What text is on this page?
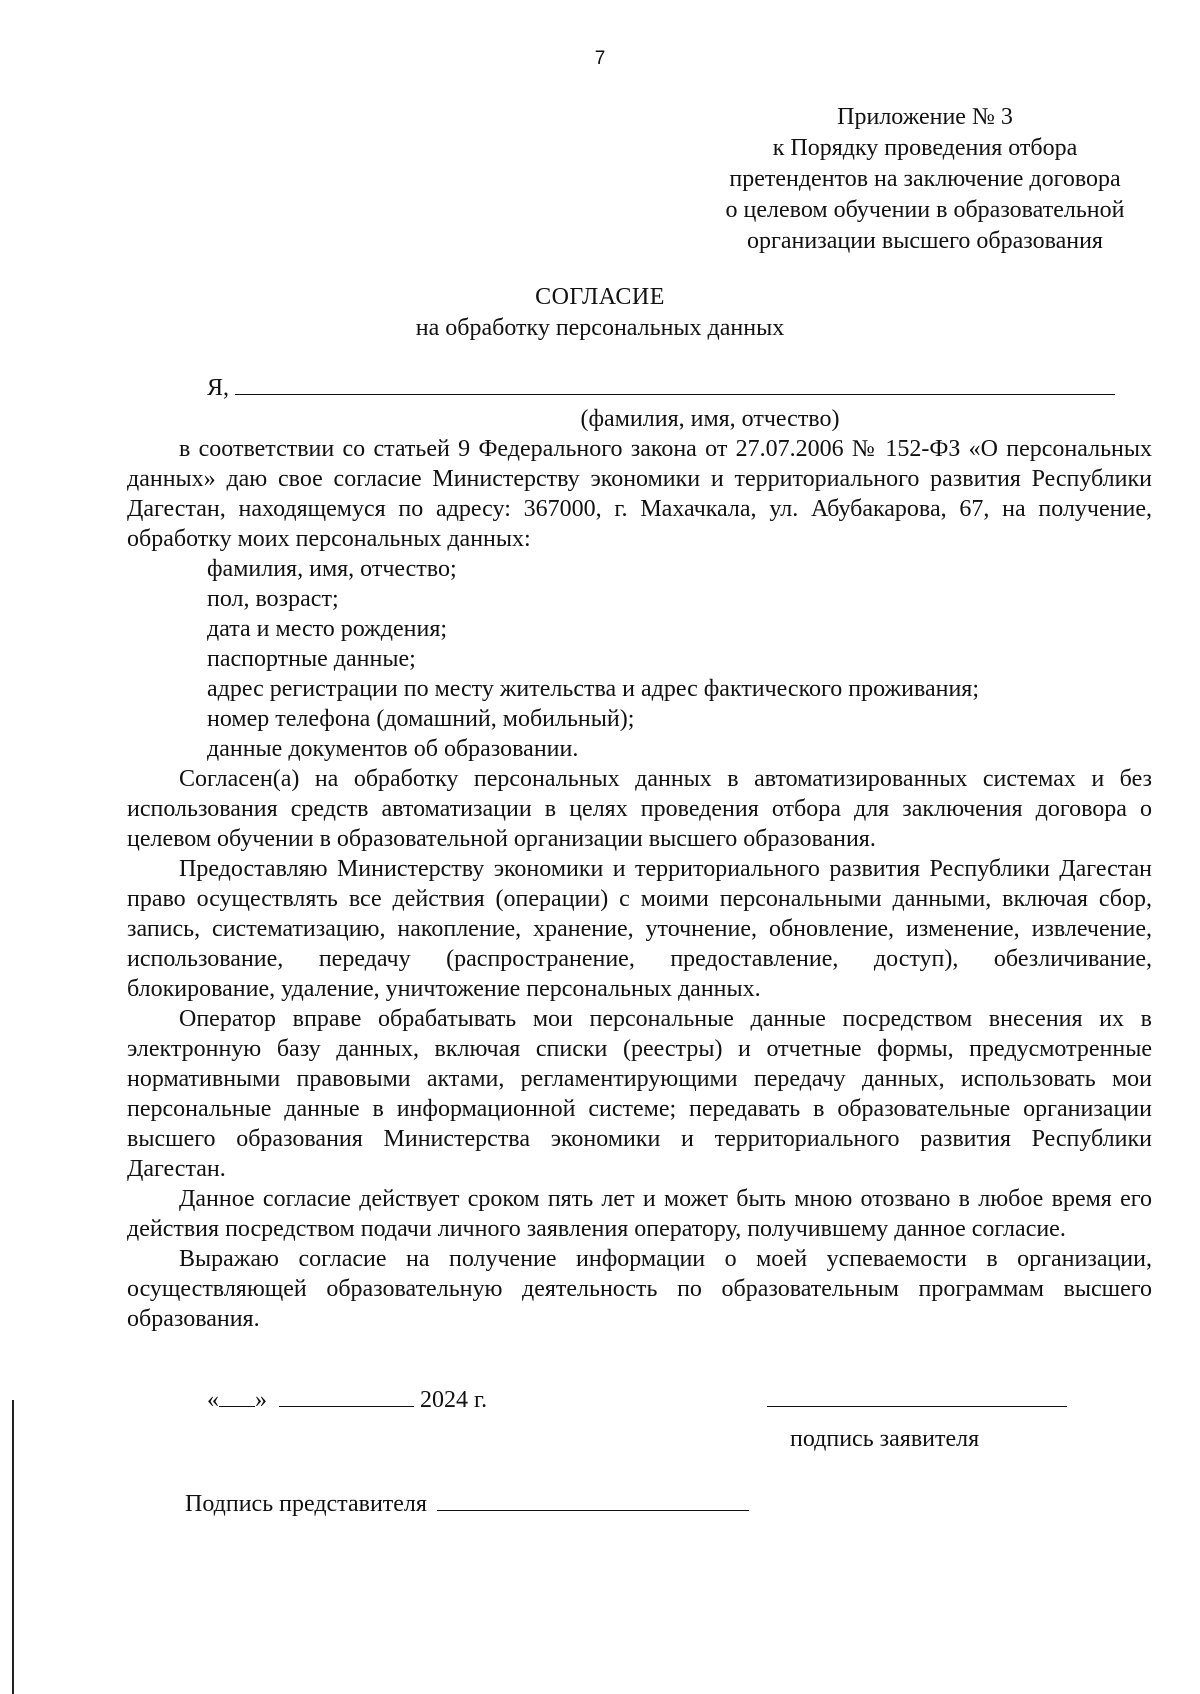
7
Приложение № 3
к Порядку проведения отбора
претендентов на заключение договора
о целевом обучении в образовательной
организации высшего образования
СОГЛАСИЕ
на обработку персональных данных
Я,
(фамилия, имя, отчество)

в соответствии со статьей 9 Федерального закона от 27.07.2006 № 152-ФЗ «О персональных данных» даю свое согласие Министерству экономики и территориального развития Республики Дагестан, находящемуся по адресу: 367000, г. Махачкала, ул. Абубакарова, 67, на получение, обработку моих персональных данных:

фамилия, имя, отчество;
пол, возраст;
дата и место рождения;
паспортные данные;
адрес регистрации по месту жительства и адрес фактического проживания;
номер телефона (домашний, мобильный);
данные документов об образовании.

Согласен(а) на обработку персональных данных в автоматизированных системах и без использования средств автоматизации в целях проведения отбора для заключения договора о целевом обучении в образовательной организации высшего образования.

Предоставляю Министерству экономики и территориального развития Республики Дагестан право осуществлять все действия (операции) с моими персональными данными, включая сбор, запись, систематизацию, накопление, хранение, уточнение, обновление, изменение, извлечение, использование, передачу (распространение, предоставление, доступ), обезличивание, блокирование, удаление, уничтожение персональных данных.

Оператор вправе обрабатывать мои персональные данные посредством внесения их в электронную базу данных, включая списки (реестры) и отчетные формы, предусмотренные нормативными правовыми актами, регламентирующими передачу данных, использовать мои персональные данные в информационной системе; передавать в образовательные организации высшего образования Министерства экономики и территориального развития Республики Дагестан.

Данное согласие действует сроком пять лет и может быть мною отозвано в любое время его действия посредством подачи личного заявления оператору, получившему данное согласие.

Выражаю согласие на получение информации о моей успеваемости в организации, осуществляющей образовательную деятельность по образовательным программам высшего образования.

« »	2024 г.
подпись заявителя
Подпись представителя
